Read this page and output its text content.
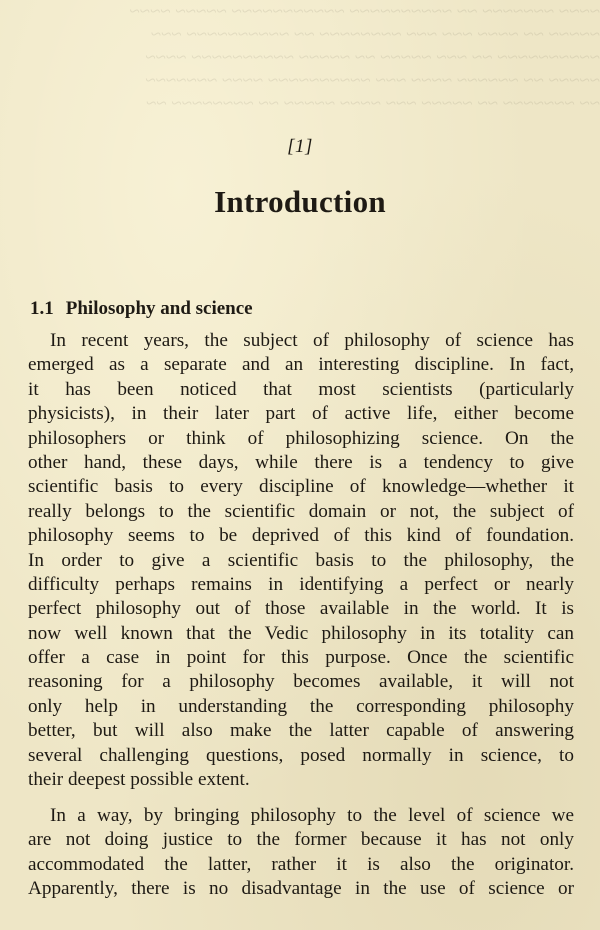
~~~~ ~~~~~~~ ~~ ~~~~~~~~~~ ~~~~~~~~~~~ ~~~~~ ~~~~
~~~~~ ~~ ~~~~ ~~~ ~~~ ~~~~~~~~ ~~ ~~~~~~~~~~ ~~~
~~~~~~~~~~ ~~ ~~~ ~~~~~ ~~ ~~~~~ ~~~~~~~~~~ ~~~~
~~~~~ ~~ ~~~~~~ ~~~~ ~~~ ~~~~~~~~~~ ~~~~ ~~~~~~~
~~ ~~~~~~~ ~~ ~~~~~ ~~~ ~~~~ ~~~~~ ~~ ~~~~~~~~ ~~
[1]
Introduction
1.1 Philosophy and science
In recent years, the subject of philosophy of science has
emerged as a separate and an interesting discipline. In fact,
it has been noticed that most scientists (particularly
physicists), in their later part of active life, either become
philosophers or think of philosophizing science. On the
other hand, these days, while there is a tendency to give
scientific basis to every discipline of knowledge—whether it
really belongs to the scientific domain or not, the subject of
philosophy seems to be deprived of this kind of foundation.
In order to give a scientific basis to the philosophy, the
difficulty perhaps remains in identifying a perfect or nearly
perfect philosophy out of those available in the world. It is
now well known that the Vedic philosophy in its totality can
offer a case in point for this purpose. Once the scientific
reasoning for a philosophy becomes available, it will not
only help in understanding the corresponding philosophy
better, but will also make the latter capable of answering
several challenging questions, posed normally in science, to
their deepest possible extent.
In a way, by bringing philosophy to the level of science we
are not doing justice to the former because it has not only
accommodated the latter, rather it is also the originator.
Apparently, there is no disadvantage in the use of science or
